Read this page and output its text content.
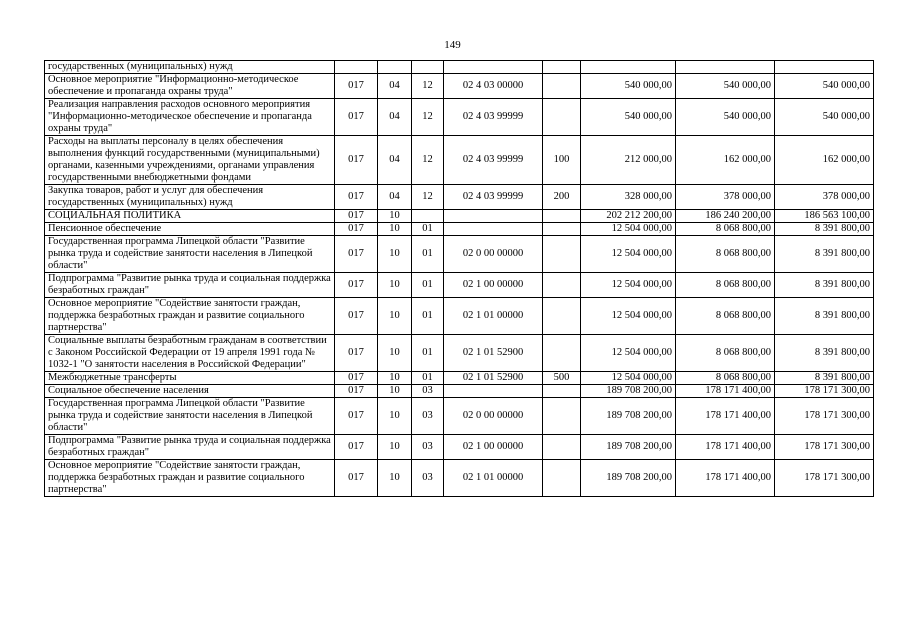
149
государственных (муниципальных) нужд								
Основное мероприятие "Информационно-методическое обеспечение и пропаганда охраны труда"	017	04	12	02 4 03 00000		540 000,00	540 000,00	540 000,00
Реализация направления расходов основного мероприятия "Информационно-методическое обеспечение и пропаганда охраны труда"	017	04	12	02 4 03 99999		540 000,00	540 000,00	540 000,00
Расходы на выплаты персоналу в целях обеспечения выполнения функций государственными (муниципальными) органами, казенными учреждениями, органами управления государственными внебюджетными фондами	017	04	12	02 4 03 99999	100	212 000,00	162 000,00	162 000,00
Закупка товаров, работ и услуг для обеспечения государственных (муниципальных) нужд	017	04	12	02 4 03 99999	200	328 000,00	378 000,00	378 000,00
СОЦИАЛЬНАЯ ПОЛИТИКА	017	10				202 212 200,00	186 240 200,00	186 563 100,00
Пенсионное обеспечение	017	10	01			12 504 000,00	8 068 800,00	8 391 800,00
Государственная программа Липецкой области "Развитие рынка труда и содействие занятости населения в Липецкой области"	017	10	01	02 0 00 00000		12 504 000,00	8 068 800,00	8 391 800,00
Подпрограмма "Развитие рынка труда и социальная поддержка безработных граждан"	017	10	01	02 1 00 00000		12 504 000,00	8 068 800,00	8 391 800,00
Основное мероприятие "Содействие занятости граждан, поддержка безработных граждан и развитие социального партнерства"	017	10	01	02 1 01 00000		12 504 000,00	8 068 800,00	8 391 800,00
Социальные выплаты безработным гражданам в соответствии с Законом Российской Федерации от 19 апреля 1991 года № 1032-1 "О занятости населения в Российской Федерации"	017	10	01	02 1 01 52900		12 504 000,00	8 068 800,00	8 391 800,00
Межбюджетные трансферты	017	10	01	02 1 01 52900	500	12 504 000,00	8 068 800,00	8 391 800,00
Социальное обеспечение населения	017	10	03			189 708 200,00	178 171 400,00	178 171 300,00
Государственная программа Липецкой области "Развитие рынка труда и содействие занятости населения в Липецкой области"	017	10	03	02 0 00 00000		189 708 200,00	178 171 400,00	178 171 300,00
Подпрограмма "Развитие рынка труда и социальная поддержка безработных граждан"	017	10	03	02 1 00 00000		189 708 200,00	178 171 400,00	178 171 300,00
Основное мероприятие "Содействие занятости граждан, поддержка безработных граждан и развитие социального партнерства"	017	10	03	02 1 01 00000		189 708 200,00	178 171 400,00	178 171 300,00
